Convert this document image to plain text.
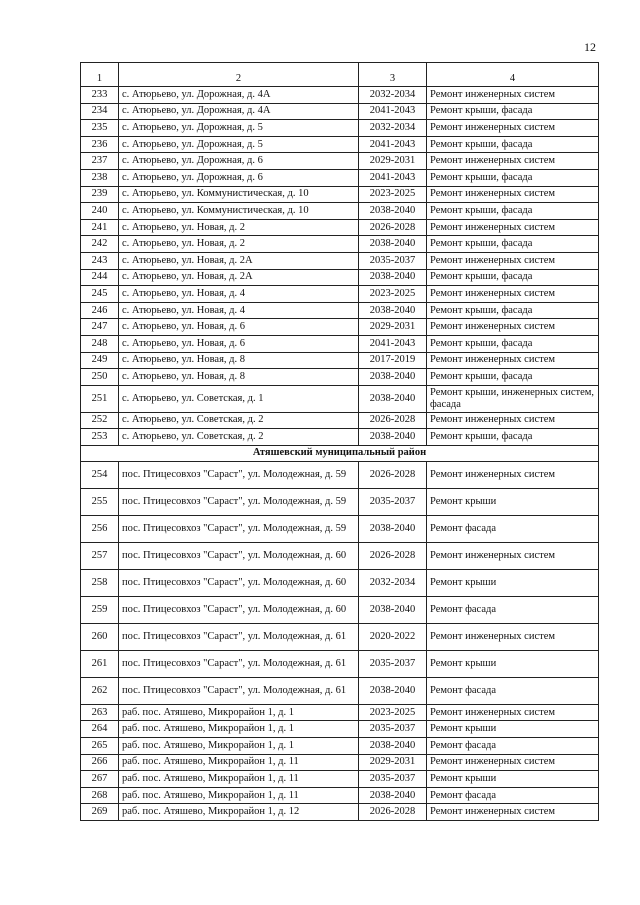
12
1	2	3	4
233	с. Атюрьево, ул. Дорожная, д. 4А	2032-2034	Ремонт инженерных систем
234	с. Атюрьево, ул. Дорожная, д. 4А	2041-2043	Ремонт крыши, фасада
235	с. Атюрьево, ул. Дорожная, д. 5	2032-2034	Ремонт инженерных систем
236	с. Атюрьево, ул. Дорожная, д. 5	2041-2043	Ремонт крыши, фасада
237	с. Атюрьево, ул. Дорожная, д. 6	2029-2031	Ремонт инженерных систем
238	с. Атюрьево, ул. Дорожная, д. 6	2041-2043	Ремонт крыши, фасада
239	с. Атюрьево, ул. Коммунистическая, д. 10	2023-2025	Ремонт инженерных систем
240	с. Атюрьево, ул. Коммунистическая, д. 10	2038-2040	Ремонт крыши, фасада
241	с. Атюрьево, ул. Новая, д. 2	2026-2028	Ремонт инженерных систем
242	с. Атюрьево, ул. Новая, д. 2	2038-2040	Ремонт крыши, фасада
243	с. Атюрьево, ул. Новая, д. 2А	2035-2037	Ремонт инженерных систем
244	с. Атюрьево, ул. Новая, д. 2А	2038-2040	Ремонт крыши, фасада
245	с. Атюрьево, ул. Новая, д. 4	2023-2025	Ремонт инженерных систем
246	с. Атюрьево, ул. Новая, д. 4	2038-2040	Ремонт крыши, фасада
247	с. Атюрьево, ул. Новая, д. 6	2029-2031	Ремонт инженерных систем
248	с. Атюрьево, ул. Новая, д. 6	2041-2043	Ремонт крыши, фасада
249	с. Атюрьево, ул. Новая, д. 8	2017-2019	Ремонт инженерных систем
250	с. Атюрьево, ул. Новая, д. 8	2038-2040	Ремонт крыши, фасада
251	с. Атюрьево, ул. Советская, д. 1	2038-2040	Ремонт крыши, инженерных систем, фасада
252	с. Атюрьево, ул. Советская, д. 2	2026-2028	Ремонт инженерных систем
253	с. Атюрьево, ул. Советская, д. 2	2038-2040	Ремонт крыши, фасада
Атяшевский муниципальный район			
254	пос. Птицесовхоз "Сараст", ул. Молодежная, д. 59	2026-2028	Ремонт инженерных систем
255	пос. Птицесовхоз "Сараст", ул. Молодежная, д. 59	2035-2037	Ремонт крыши
256	пос. Птицесовхоз "Сараст", ул. Молодежная, д. 59	2038-2040	Ремонт фасада
257	пос. Птицесовхоз "Сараст", ул. Молодежная, д. 60	2026-2028	Ремонт инженерных систем
258	пос. Птицесовхоз "Сараст", ул. Молодежная, д. 60	2032-2034	Ремонт крыши
259	пос. Птицесовхоз "Сараст", ул. Молодежная, д. 60	2038-2040	Ремонт фасада
260	пос. Птицесовхоз "Сараст", ул. Молодежная, д. 61	2020-2022	Ремонт инженерных систем
261	пос. Птицесовхоз "Сараст", ул. Молодежная, д. 61	2035-2037	Ремонт крыши
262	пос. Птицесовхоз "Сараст", ул. Молодежная, д. 61	2038-2040	Ремонт фасада
263	раб. пос. Атяшево, Микрорайон 1, д. 1	2023-2025	Ремонт инженерных систем
264	раб. пос. Атяшево, Микрорайон 1, д. 1	2035-2037	Ремонт крыши
265	раб. пос. Атяшево, Микрорайон 1, д. 1	2038-2040	Ремонт фасада
266	раб. пос. Атяшево, Микрорайон 1, д. 11	2029-2031	Ремонт инженерных систем
267	раб. пос. Атяшево, Микрорайон 1, д. 11	2035-2037	Ремонт крыши
268	раб. пос. Атяшево, Микрорайон 1, д. 11	2038-2040	Ремонт фасада
269	раб. пос. Атяшево, Микрорайон 1, д. 12	2026-2028	Ремонт инженерных систем
